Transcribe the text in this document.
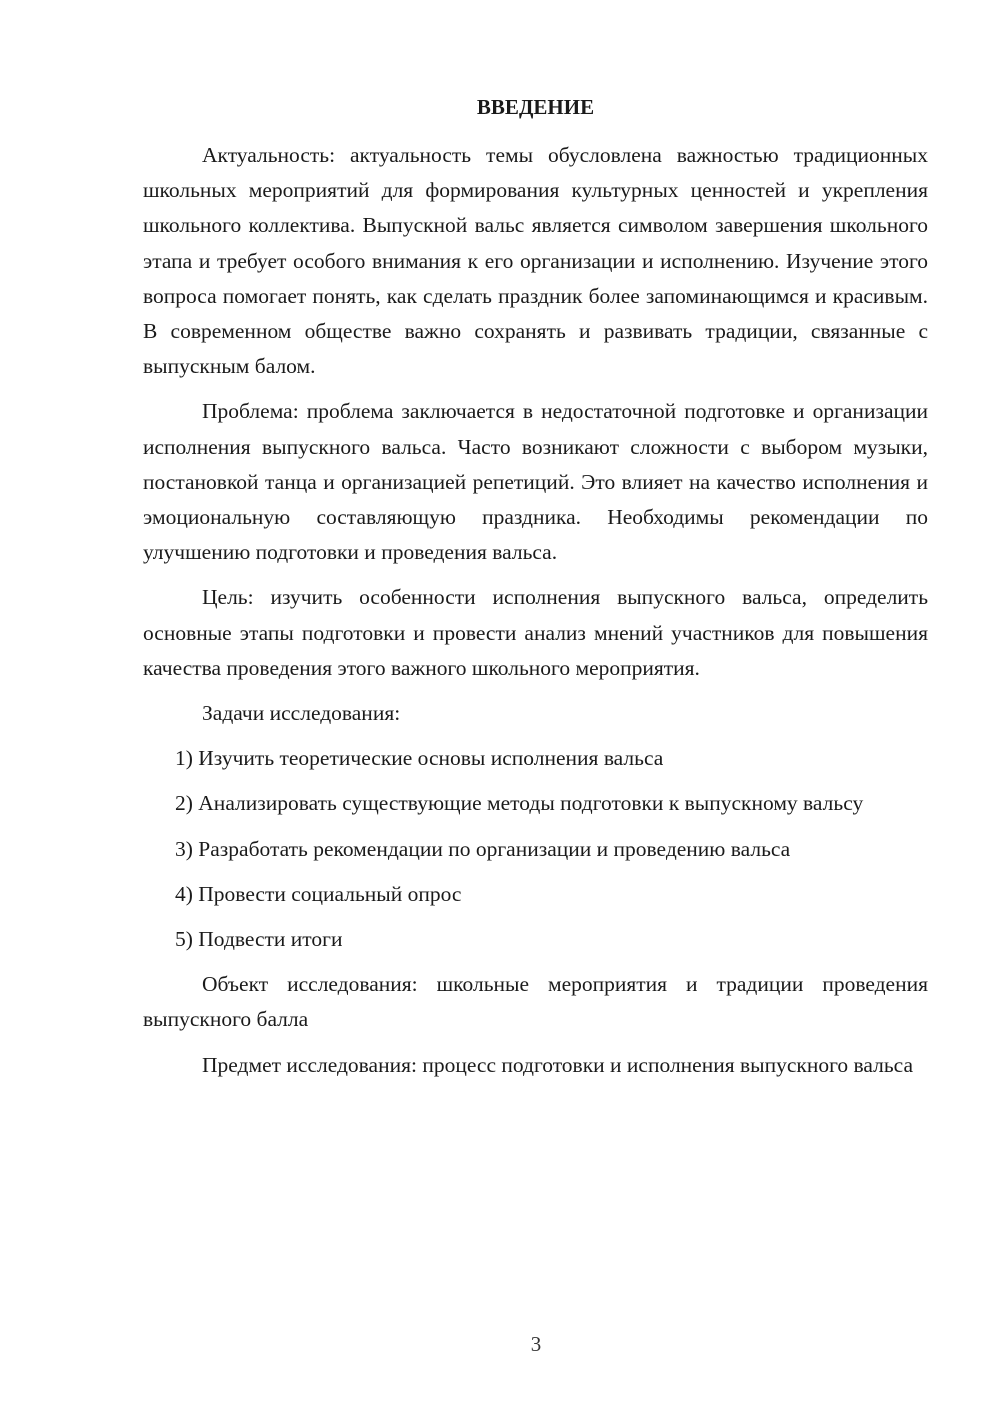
ВВЕДЕНИЕ

Актуальность: актуальность темы обусловлена важностью традиционных школьных мероприятий для формирования культурных ценностей и укрепления школьного коллектива. Выпускной вальс является символом завершения школьного этапа и требует особого внимания к его организации и исполнению. Изучение этого вопроса помогает понять, как сделать праздник более запоминающимся и красивым. В современном обществе важно сохранять и развивать традиции, связанные с выпускным балом.

Проблема: проблема заключается в недостаточной подготовке и организации исполнения выпускного вальса. Часто возникают сложности с выбором музыки, постановкой танца и организацией репетиций. Это влияет на качество исполнения и эмоциональную составляющую праздника. Необходимы рекомендации по улучшению подготовки и проведения вальса.

Цель: изучить особенности исполнения выпускного вальса, определить основные этапы подготовки и провести анализ мнений участников для повышения качества проведения этого важного школьного мероприятия.

Задачи исследования:

1) Изучить теоретические основы исполнения вальса

2) Анализировать существующие методы подготовки к выпускному вальсу

3) Разработать рекомендации по организации и проведению вальса

4) Провести социальный опрос

5) Подвести итоги

Объект исследования: школьные мероприятия и традиции проведения выпускного балла

Предмет исследования: процесс подготовки и исполнения выпускного вальса

3
